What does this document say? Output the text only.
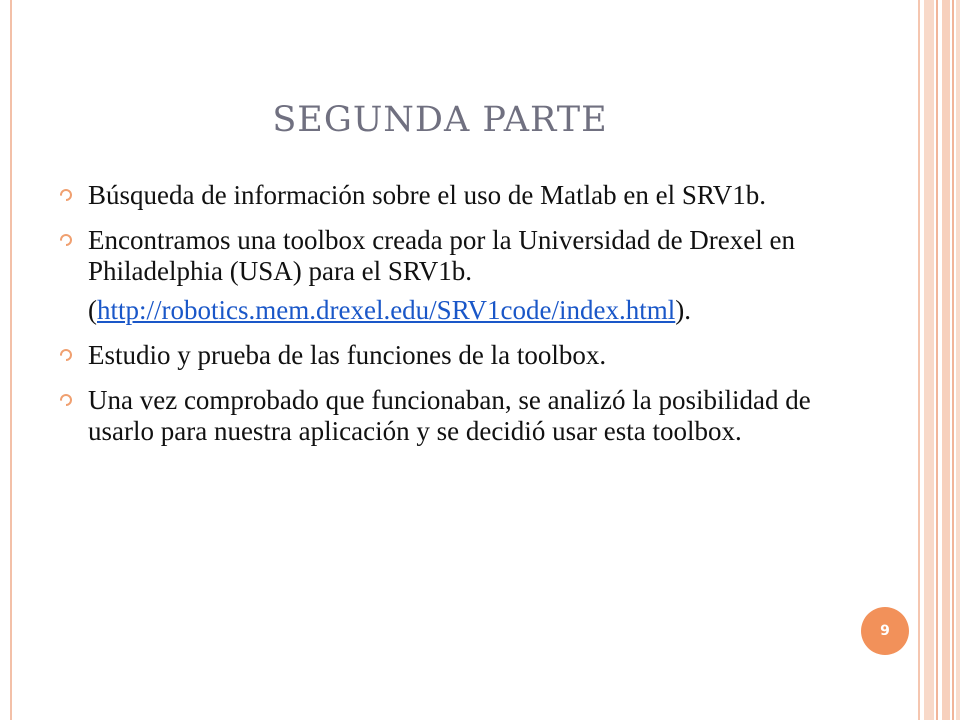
SEGUNDA PARTE
Búsqueda de información sobre el uso de Matlab en el SRV1b.
Encontramos una toolbox creada por la Universidad de Drexel en Philadelphia (USA) para el SRV1b.
(http://robotics.mem.drexel.edu/SRV1code/index.html).
Estudio y prueba de las funciones de la toolbox.
Una vez comprobado que funcionaban, se analizó la posibilidad de usarlo para nuestra aplicación y se decidió usar esta toolbox.
9
